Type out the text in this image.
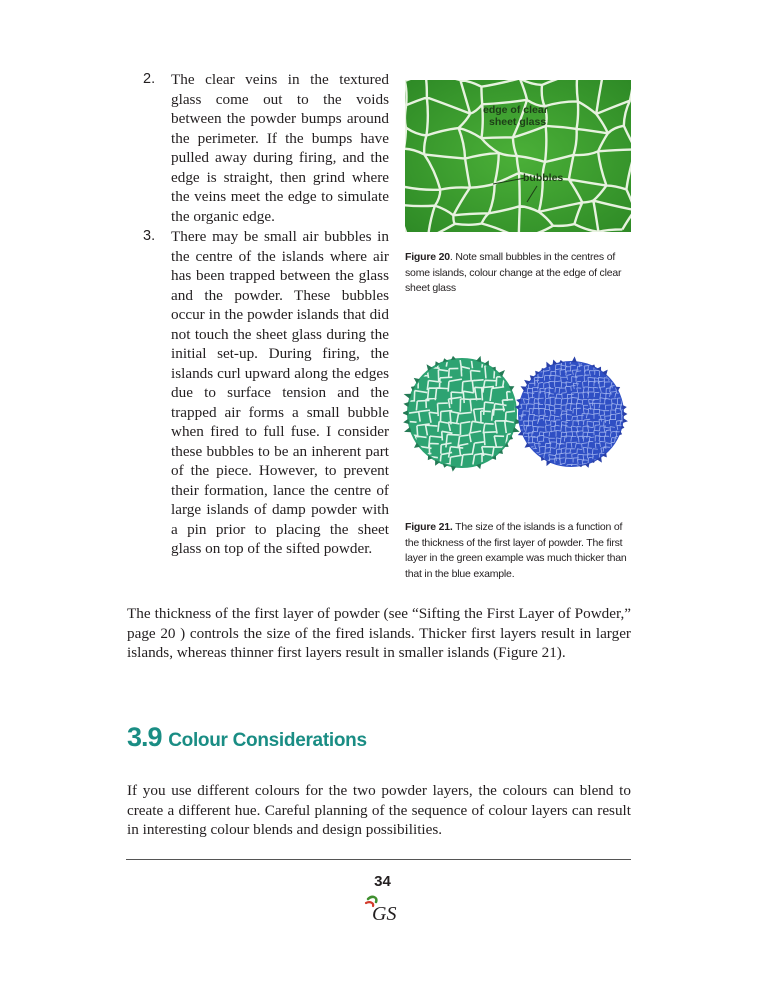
2. The clear veins in the textured glass come out to the voids between the powder bumps around the perimeter. If the bumps have pulled away during firing, and the edge is straight, then grind where the veins meet the edge to simulate the organic edge.
3. There may be small air bubbles in the centre of the islands where air has been trapped between the glass and the powder. These bubbles occur in the powder islands that did not touch the sheet glass during the initial set-up. During firing, the islands curl upward along the edges due to surface tension and the trapped air forms a small bubble when fired to full fuse. I consider these bubbles to be an inherent part of the piece. However, to prevent their formation, lance the centre of large islands of damp powder with a pin prior to placing the sheet glass on top of the sifted powder.
edge of clear sheet glass
bubbles
Figure 20. Note small bubbles in the centres of some islands, colour change at the edge of clear sheet glass
Figure 21. The size of the islands is a function of the thickness of the first layer of powder. The first layer in the green example was much thicker than that in the blue example.

The thickness of the first layer of powder (see “Sifting the First Layer of Powder,” page 20 ) controls the size of the fired islands. Thicker first layers result in larger islands, whereas thinner first layers result in smaller islands (Figure 21).

3.9 Colour Considerations

If you use different colours for the two powder layers, the colours can blend to create a different hue. Careful planning of the sequence of colour layers can result in interesting colour blends and design possibilities.

34
GS
